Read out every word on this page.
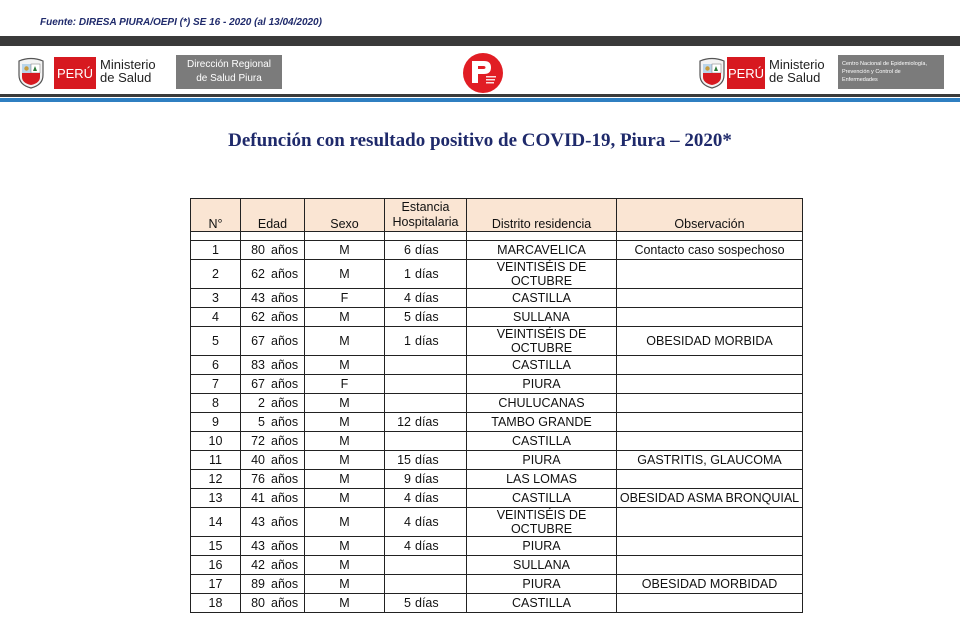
Fuente: DIRESA PIURA/OEPI (*) SE 16 - 2020 (al 13/04/2020)
PERÚ
Ministerio
de Salud
Dirección Regional
de Salud Piura	PERÚ
Ministerio
de Salud
Centro Nacional de Epidemiología,
Prevención y Control de
Enfermedades
Defunción con resultado positivo de COVID-19, Piura – 2020*
N°	Edad	Sexo	Estancia
Hospitalaria	Distrito residencia	Observación

1	80 años	M	6 días	MARCAVELICA	Contacto caso sospechoso
2	62 años	M	1 días	VEINTISÉIS DE OCTUBRE	
3	43 años	F	4 días	CASTILLA	
4	62 años	M	5 días	SULLANA	
5	67 años	M	1 días	VEINTISÉIS DE OCTUBRE	OBESIDAD MORBIDA
6	83 años	M		CASTILLA	
7	67 años	F		PIURA	
8	2 años	M		CHULUCANAS	
9	5 años	M	12 días	TAMBO GRANDE	
10	72 años	M		CASTILLA	
11	40 años	M	15 días	PIURA	GASTRITIS, GLAUCOMA
12	76 años	M	9 días	LAS LOMAS	
13	41 años	M	4 días	CASTILLA	OBESIDAD ASMA BRONQUIAL
14	43 años	M	4 días	VEINTISÉIS DE OCTUBRE	
15	43 años	M	4 días	PIURA	
16	42 años	M		SULLANA	
17	89 años	M		PIURA	OBESIDAD MORBIDAD
18	80 años	M	5 días	CASTILLA	
